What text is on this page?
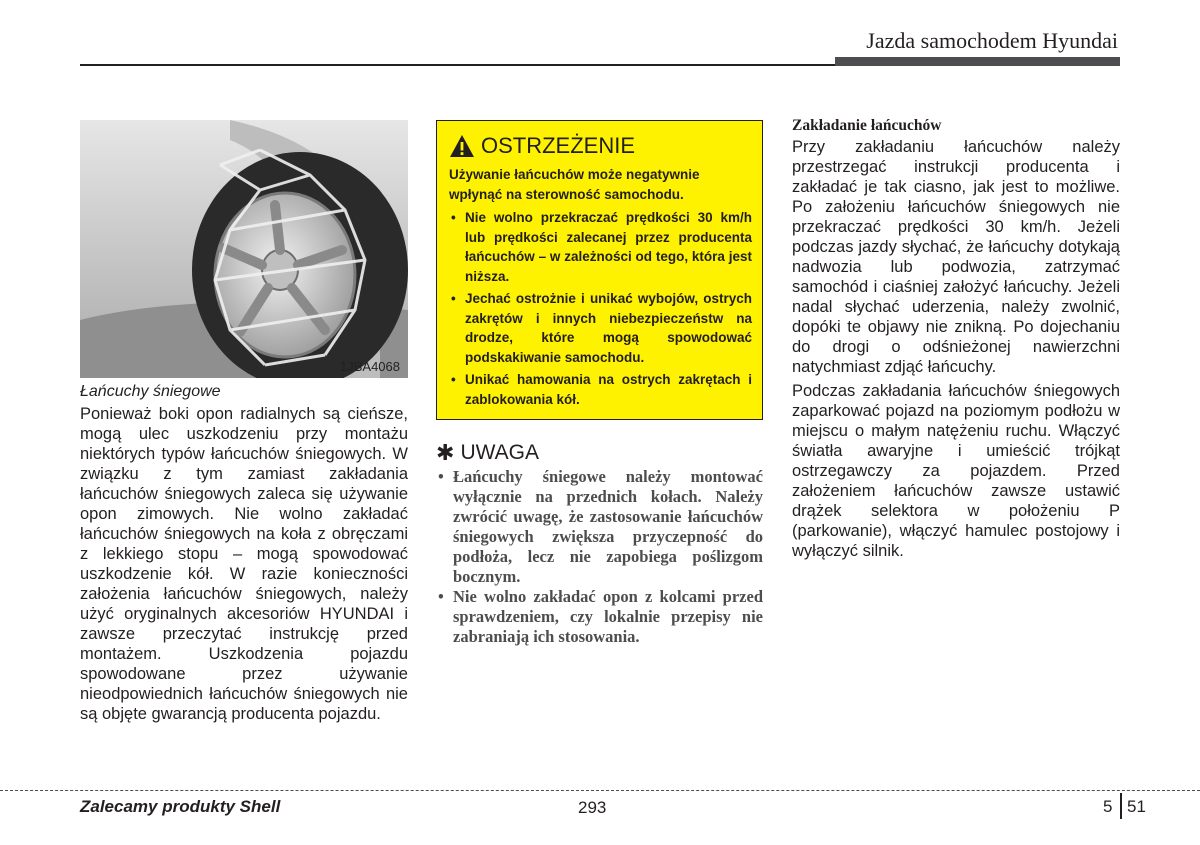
Jazda samochodem Hyundai
1JBA4068
Łańcuchy śniegowe
Ponieważ boki opon radialnych są cieńsze, mogą ulec uszkodzeniu przy montażu niektórych typów łańcuchów śniegowych. W związku z tym zamiast zakładania łańcuchów śniegowych zaleca się używanie opon zimowych. Nie wolno zakładać łańcuchów śniegowych na koła z obręczami z lekkiego stopu – mogą spowodować uszkodzenie kół. W razie konieczności założenia łańcuchów śniegowych, należy użyć oryginalnych akcesoriów HYUNDAI i zawsze przeczytać instrukcję przed montażem. Uszkodzenia pojazdu spowodowane przez używanie nieodpowiednich łańcuchów śniegowych nie są objęte gwarancją producenta pojazdu.
OSTRZEŻENIE

Używanie łańcuchów może negatywnie wpłynąć na sterowność samochodu.

• Nie wolno przekraczać prędkości 30 km/h lub prędkości zalecanej przez producenta łańcuchów – w zależności od tego, która jest niższa.
• Jechać ostrożnie i unikać wybojów, ostrych zakrętów i innych niebezpieczeństw na drodze, które mogą spowodować podskakiwanie samochodu.
• Unikać hamowania na ostrych zakrętach i zablokowania kół.
✱ UWAGA
• Łańcuchy śniegowe należy montować wyłącznie na przednich kołach. Należy zwrócić uwagę, że zastosowanie łańcuchów śniegowych zwiększa przyczepność do podłoża, lecz nie zapobiega poślizgom bocznym.
• Nie wolno zakładać opon z kolcami przed sprawdzeniem, czy lokalnie przepisy nie zabraniają ich stosowania.
Zakładanie łańcuchów

Przy zakładaniu łańcuchów należy przestrzegać instrukcji producenta i zakładać je tak ciasno, jak jest to możliwe. Po założeniu łańcuchów śniegowych nie przekraczać prędkości 30 km/h. Jeżeli podczas jazdy słychać, że łańcuchy dotykają nadwozia lub podwozia, zatrzymać samochód i ciaśniej założyć łańcuchy. Jeżeli nadal słychać uderzenia, należy zwolnić, dopóki te objawy nie znikną. Po dojechaniu do drogi o odśnieżonej nawierzchni natychmiast zdjąć łańcuchy.

Podczas zakładania łańcuchów śniegowych zaparkować pojazd na poziomym podłożu w miejscu o małym natężeniu ruchu. Włączyć światła awaryjne i umieścić trójkąt ostrzegawczy za pojazdem. Przed założeniem łańcuchów zawsze ustawić drążek selektora w położeniu P (parkowanie), włączyć hamulec postojowy i wyłączyć silnik.

Zalecamy produkty Shell	293	5 51
